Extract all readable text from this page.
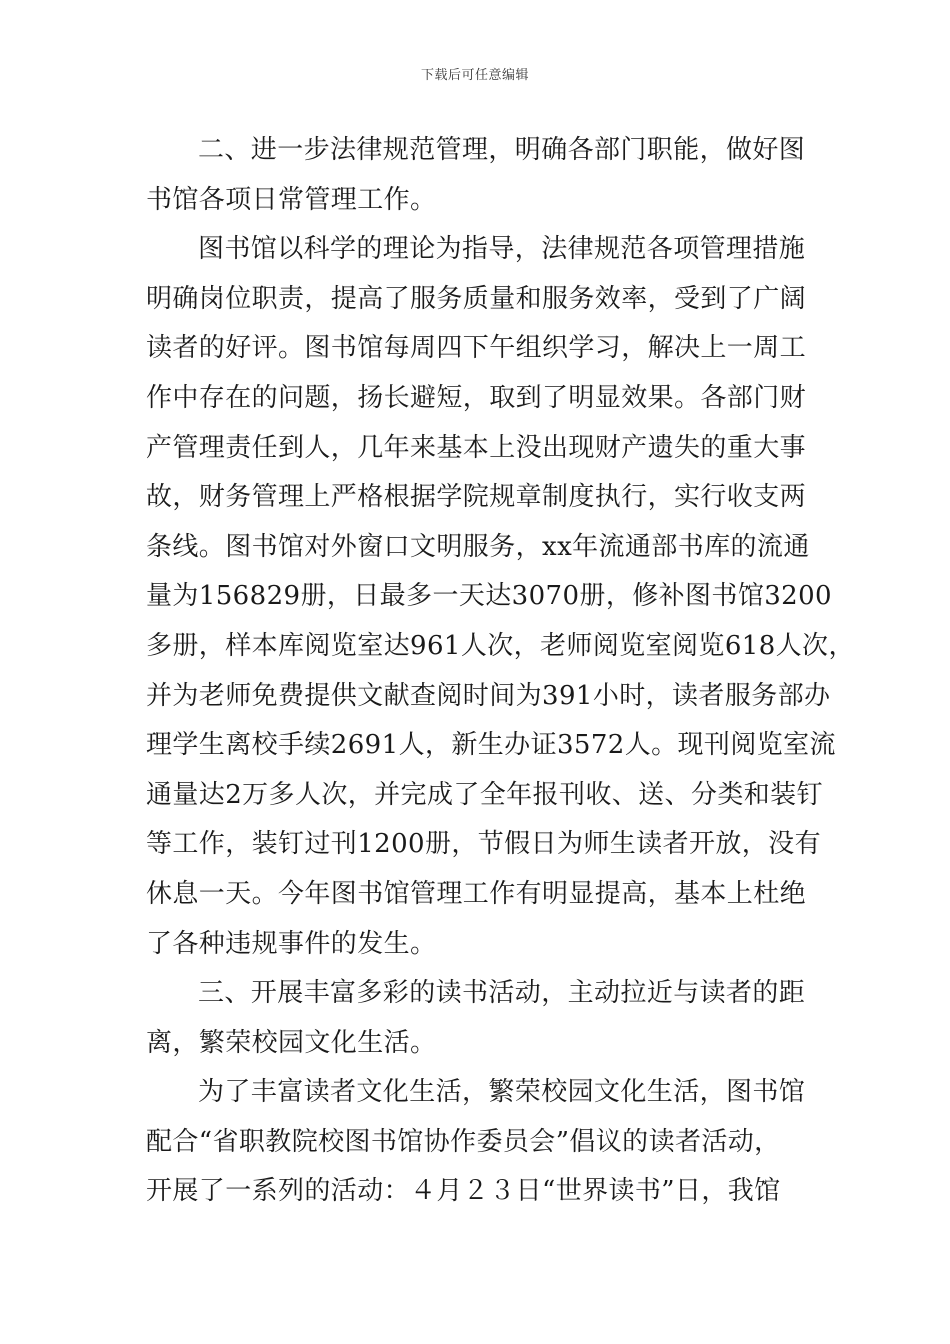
下载后可任意编辑
二、进一步法律规范管理，明确各部门职能，做好图
书馆各项日常管理工作。
图书馆以科学的理论为指导，法律规范各项管理措施
明确岗位职责，提高了服务质量和服务效率，受到了广阔
读者的好评。图书馆每周四下午组织学习，解决上一周工
作中存在的问题，扬长避短，取到了明显效果。各部门财
产管理责任到人，几年来基本上没出现财产遗失的重大事
故，财务管理上严格根据学院规章制度执行，实行收支两
条线。图书馆对外窗口文明服务，xx年流通部书库的流通
量为156829册，日最多一天达3070册，修补图书馆3200
多册，样本库阅览室达961人次，老师阅览室阅览618人次，
并为老师免费提供文献查阅时间为391小时，读者服务部办
理学生离校手续2691人，新生办证3572人。现刊阅览室流
通量达2万多人次，并完成了全年报刊收、送、分类和装钉
等工作，装钉过刊1200册，节假日为师生读者开放，没有
休息一天。今年图书馆管理工作有明显提高，基本上杜绝
了各种违规事件的发生。
三、开展丰富多彩的读书活动，主动拉近与读者的距
离，繁荣校园文化生活。
为了丰富读者文化生活，繁荣校园文化生活，图书馆
配合“省职教院校图书馆协作委员会”倡议的读者活动，
开展了一系列的活动：４月２３日“世界读书”日，我馆
